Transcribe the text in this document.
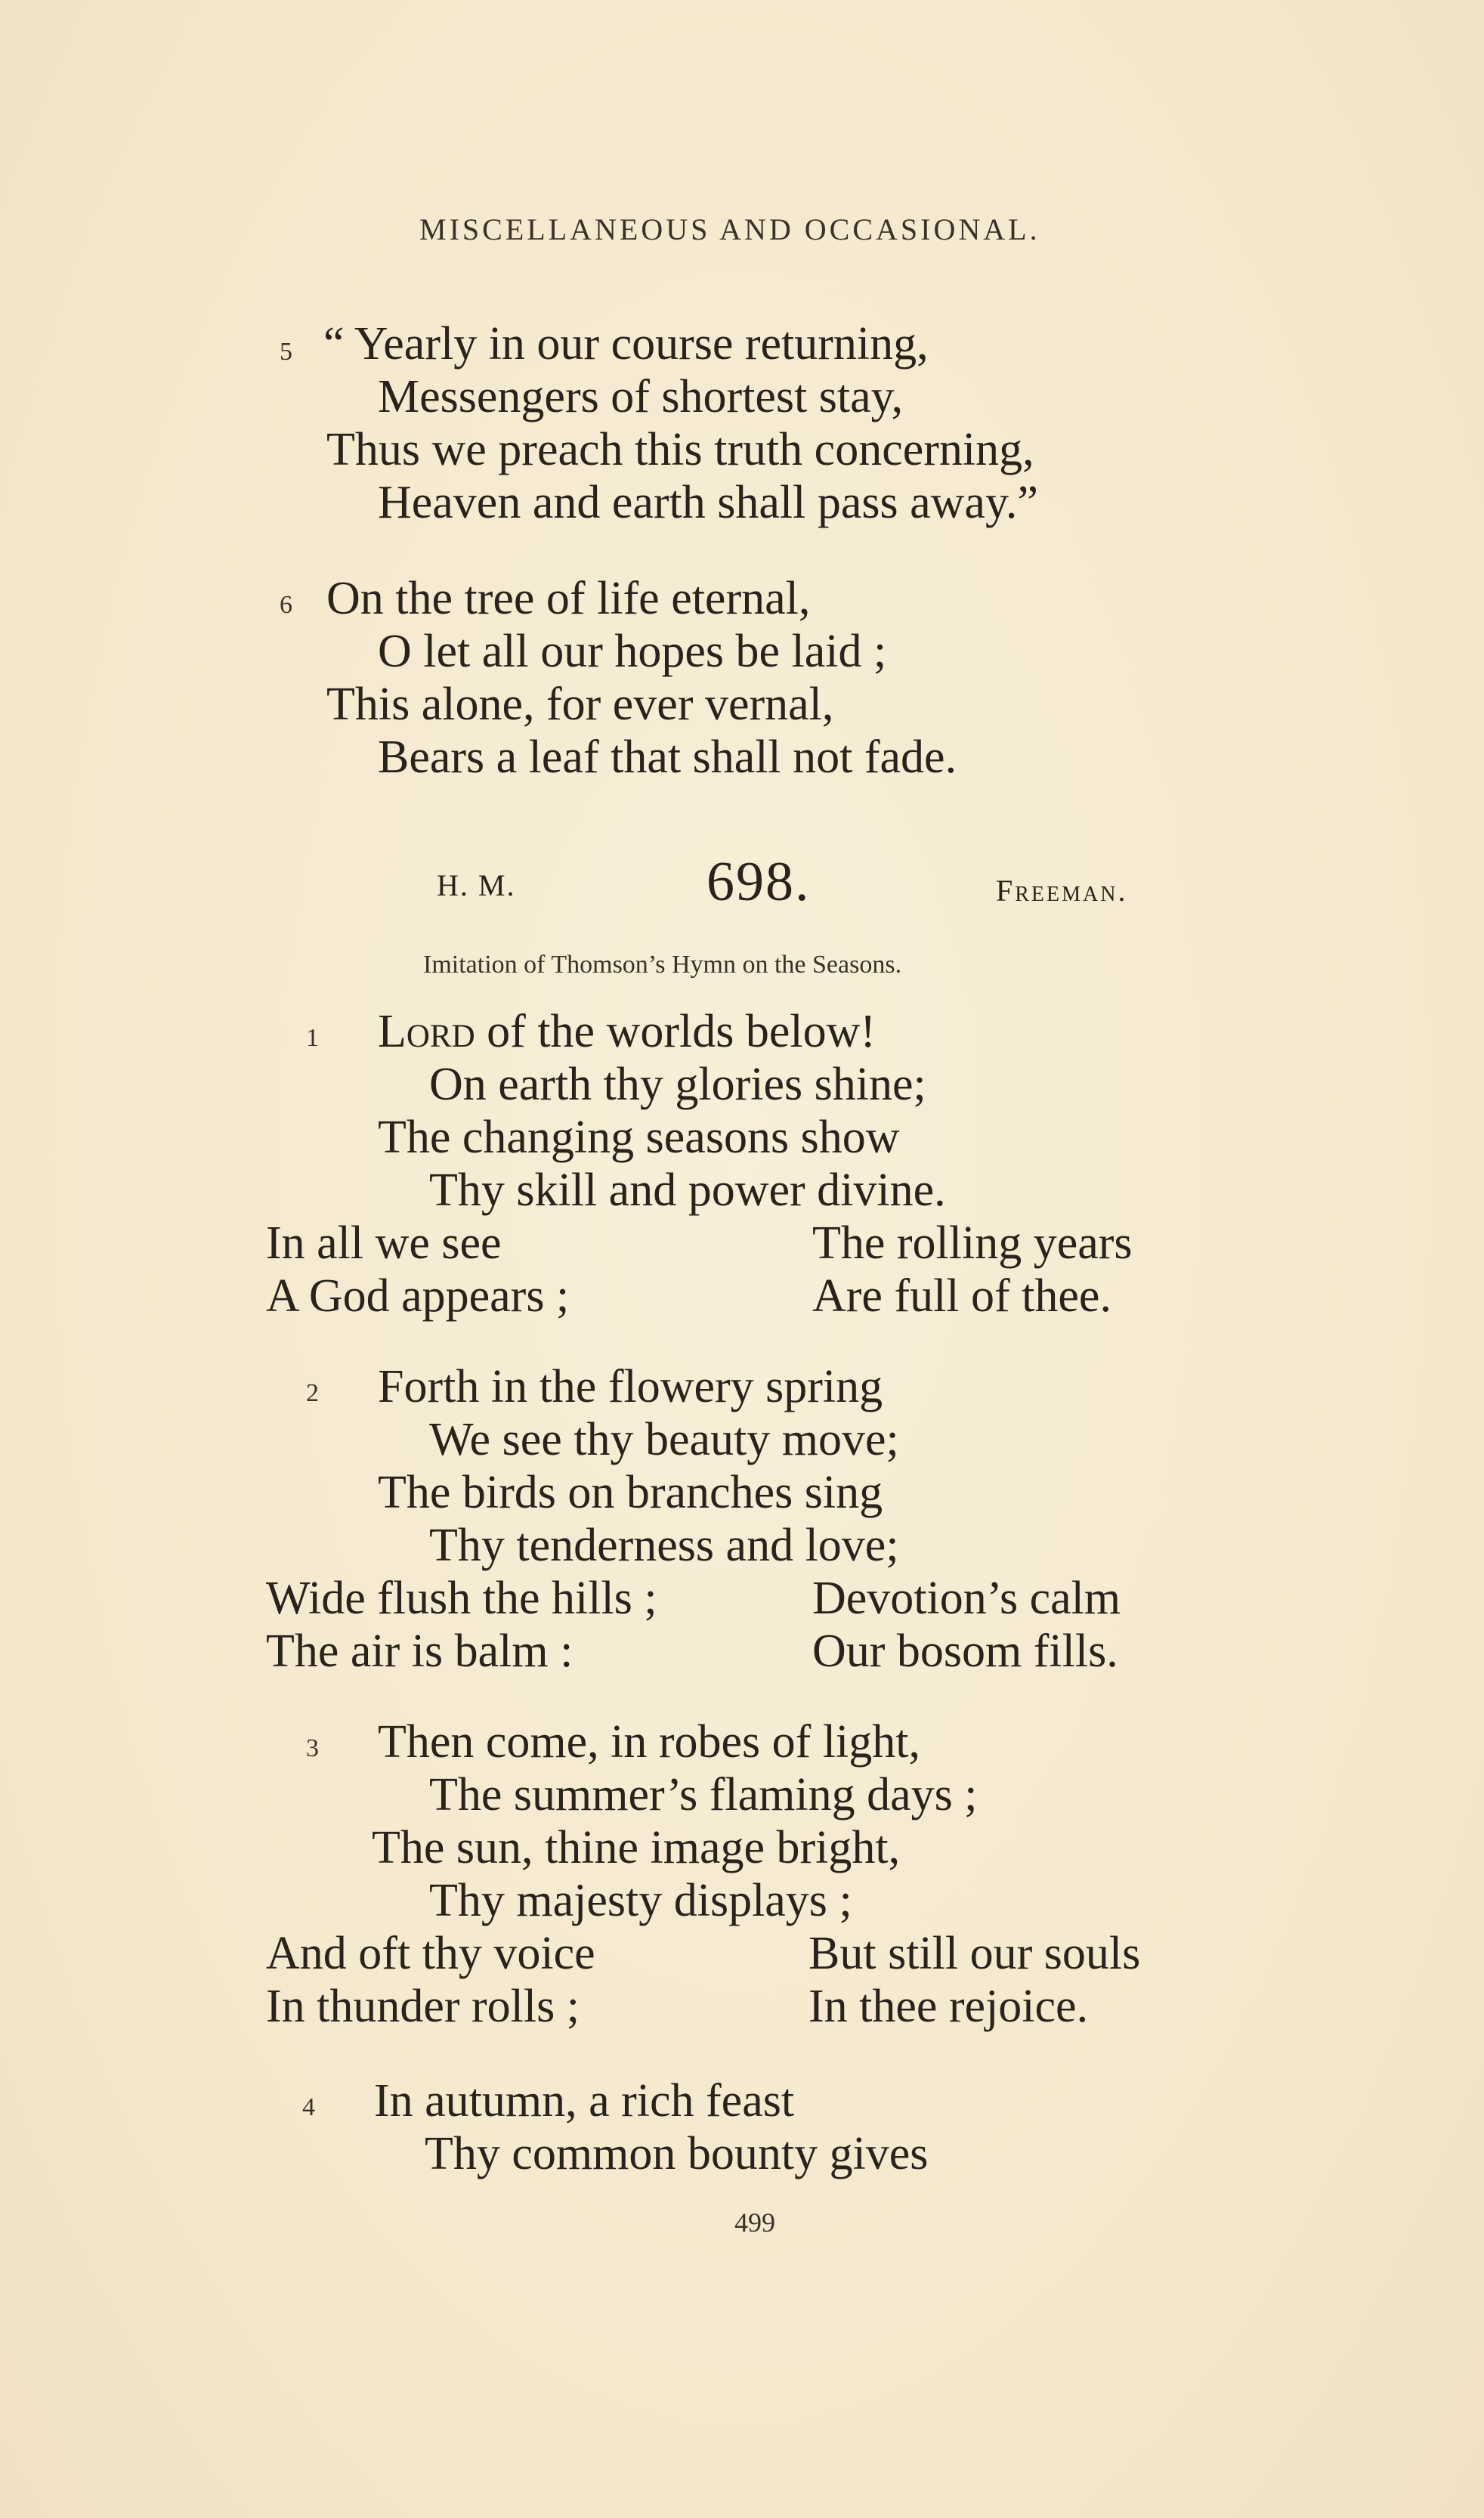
MISCELLANEOUS AND OCCASIONAL.
5 “ Yearly in our course returning,
Messengers of shortest stay,
Thus we preach this truth concerning,
Heaven and earth shall pass away.”
6 On the tree of life eternal,
O let all our hopes be laid ;
This alone, for ever vernal,
Bears a leaf that shall not fade.
H. M.	698.	Freeman.
Imitation of Thomson’s Hymn on the Seasons.
1 Lord of the worlds below!
On earth thy glories shine;
The changing seasons show
Thy skill and power divine.
In all we see	The rolling years
A God appears ;	Are full of thee.
2 Forth in the flowery spring
We see thy beauty move;
The birds on branches sing
Thy tenderness and love;
Wide flush the hills ;	Devotion’s calm
The air is balm :	Our bosom fills.
3 Then come, in robes of light,
The summer’s flaming days ;
The sun, thine image bright,
Thy majesty displays ;
And oft thy voice	But still our souls
In thunder rolls ;	In thee rejoice.
4 In autumn, a rich feast
Thy common bounty gives
499
